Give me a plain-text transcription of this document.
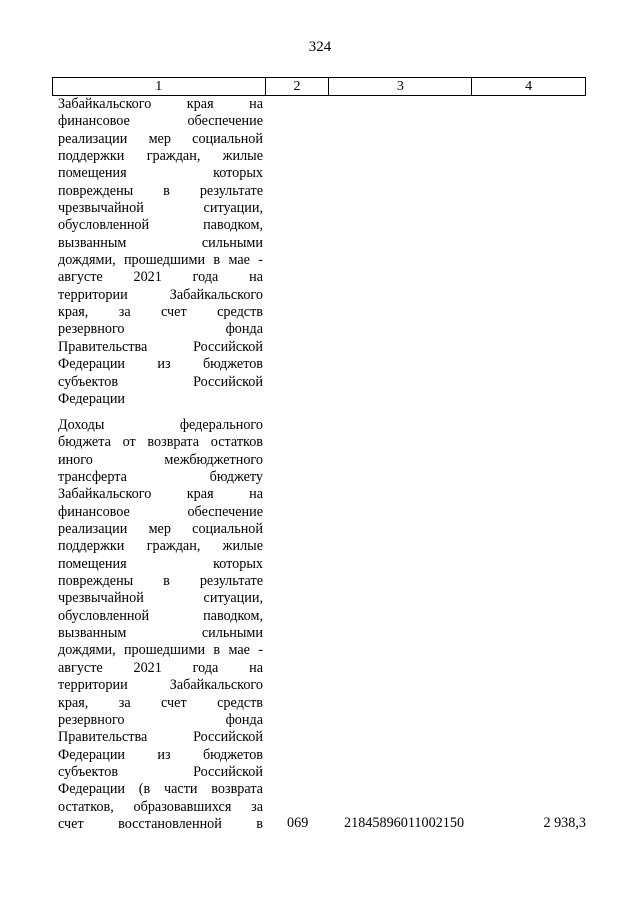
324
1	2	3	4
Забайкальского края на
финансовое обеспечение
реализации мер социальной
поддержки граждан, жилые
помещения которых
повреждены в результате
чрезвычайной ситуации,
обусловленной паводком,
вызванным сильными
дождями, прошедшими в мае -
августе 2021 года на
территории Забайкальского
края, за счет средств
резервного фонда
Правительства Российской
Федерации из бюджетов
субъектов Российской
Федерации
Доходы федерального
бюджета от возврата остатков
иного межбюджетного
трансферта бюджету
Забайкальского края на
финансовое обеспечение
реализации мер социальной
поддержки граждан, жилые
помещения которых
повреждены в результате
чрезвычайной ситуации,
обусловленной паводком,
вызванным сильными
дождями, прошедшими в мае -
августе 2021 года на
территории Забайкальского
края, за счет средств
резервного фонда
Правительства Российской
Федерации из бюджетов
субъектов Российской
Федерации (в части возврата
остатков, образовавшихся за
счет восстановленной в 069	21845896011002150	2 938,3
